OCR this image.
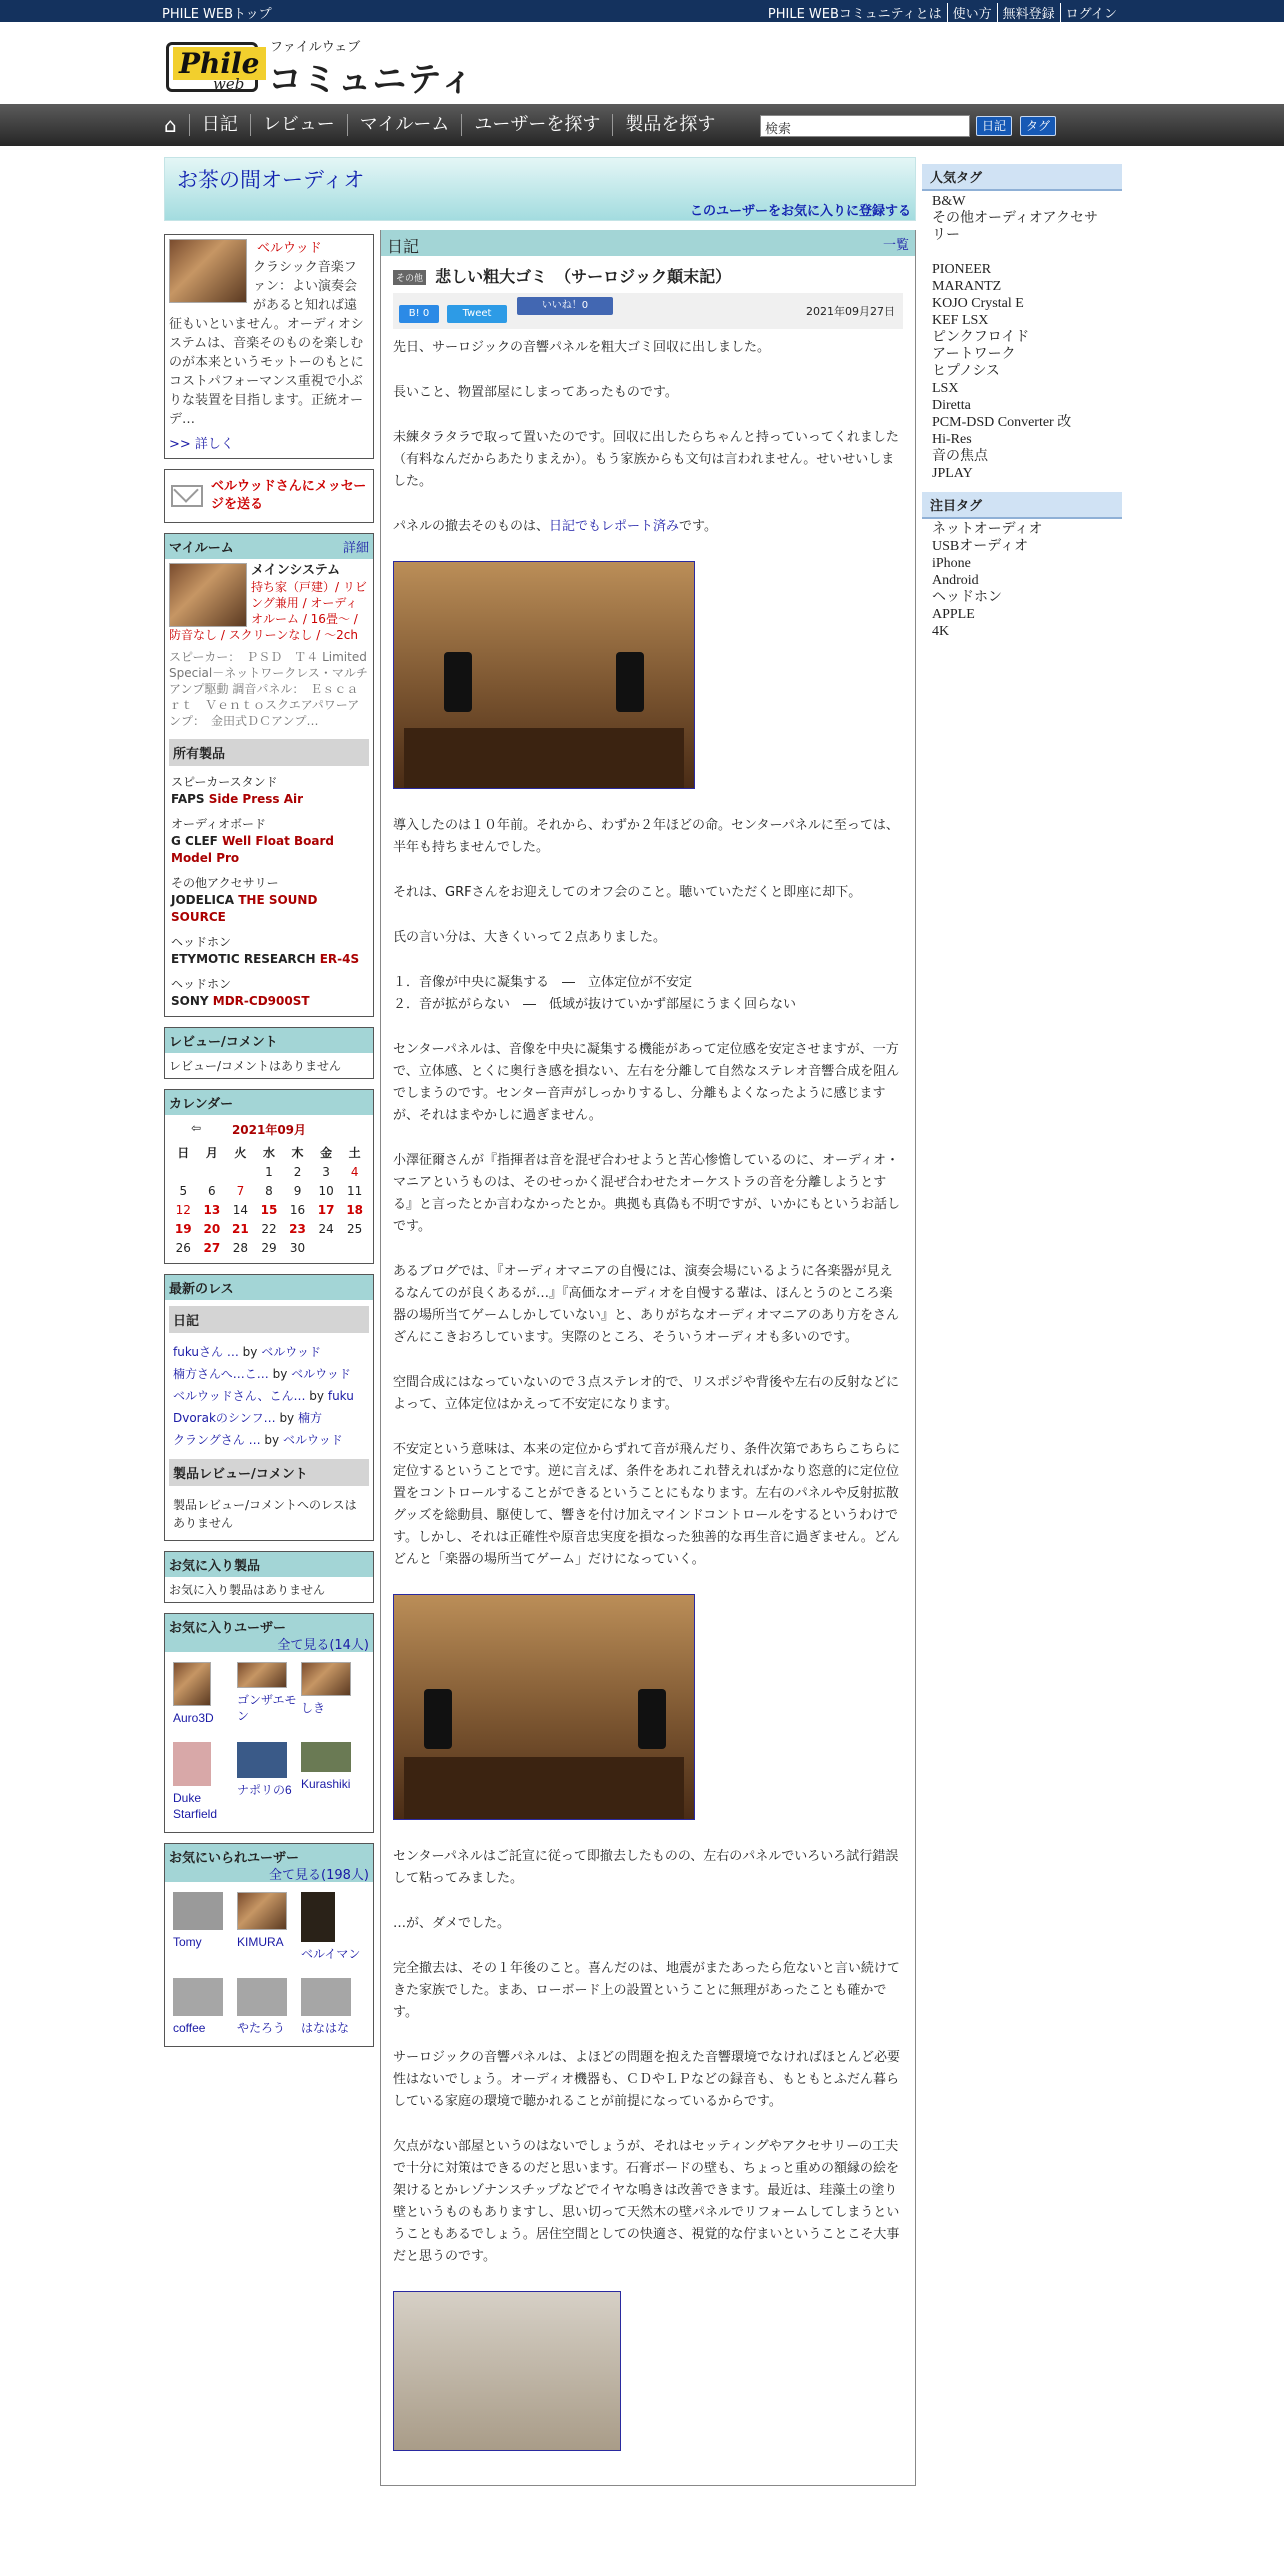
PHILE WEBトップ	PHILE WEBコミュニティとは 使い方 無料登録 ログイン
Phile
web
ファイルウェブ
コミュニティ
⌂	日記	レビュー	マイルーム	ユーザーを探す	製品を探す	検索	日記	タグ
お茶の間オーディオ
このユーザーをお気に入りに登録する
ベルウッド
クラシック音楽ファン：よい演奏会があると知れば遠征もいといません。オーディオシステムは、音楽そのものを楽しむのが本来というモットーのもとにコストパフォーマンス重視で小ぶりな装置を目指します。正統オーデ…
>> 詳しく
ベルウッドさんにメッセージを送る
マイルーム	詳細
メインシステム
持ち家（戸建）/ リビング兼用 / オーディオルーム / 16畳～ / 防音なし / スクリーンなし / ～2ch
スピーカー：　ＰＳＤ　Ｔ４ Limited Special－ネットワークレス・マルチアンプ駆動 調音パネル：　Ｅｓｃａｒｔ　Ｖｅｎｔｏスクエアパワーアンプ：　金田式ＤＣアンプ…
所有製品
スピーカースタンド
FAPS Side Press Air
オーディオボード
G CLEF Well Float Board Model Pro
その他アクセサリー
JODELICA THE SOUND SOURCE
ヘッドホン
ETYMOTIC RESEARCH ER-4S
ヘッドホン
SONY MDR-CD900ST
レビュー/コメント
レビュー/コメントはありません
カレンダー
⇦	2021年09月
日	月	火	水	木	金	土
			1	2	3	4
5	6	7	8	9	10	11
12	13	14	15	16	17	18
19	20	21	22	23	24	25
26	27	28	29	30		
最新のレス
日記
fukuさん … by ベルウッド
楠方さんへ…こ… by ベルウッド
ベルウッドさん、こん… by fuku
Dvorakのシンフ… by 楠方
クラングさん … by ベルウッド
製品レビュー/コメント
製品レビュー/コメントへのレスはありません
お気に入り製品
お気に入り製品はありません
お気に入りユーザー
全て見る(14人)
Auro3D
ゴンザエモン
しき
Duke Starfield
ナポリの6 Kurashiki
お気にいられユーザー
全て見る(198人)
Tomy	KIMURA
ベルイマン
coffee	やたろう	はなはな
日記	一覧
その他 悲しい粗大ゴミ　（サーロジック顛末記）
B! 0	Tweet
いいね！0	2021年09月27日

先日、サーロジックの音響パネルを粗大ゴミ回収に出しました。

長いこと、物置部屋にしまってあったものです。

未練タラタラで取って置いたのです。回収に出したらちゃんと持っていってくれました（有料なんだからあたりまえか）。もう家族からも文句は言われません。せいせいしました。

パネルの撤去そのものは、日記でもレポート済みです。

導入したのは１０年前。それから、わずか２年ほどの命。センターパネルに至っては、半年も持ちませんでした。

それは、GRFさんをお迎えしてのオフ会のこと。聴いていただくと即座に却下。

氏の言い分は、大きくいって２点ありました。

１．音像が中央に凝集する　―　立体定位が不安定
２．音が拡がらない　―　低域が抜けていかず部屋にうまく回らない

センターパネルは、音像を中央に凝集する機能があって定位感を安定させますが、一方で、立体感、とくに奥行き感を損ない、左右を分離して自然なステレオ音響合成を阻んでしまうのです。センター音声がしっかりするし、分離もよくなったように感じますが、それはまやかしに過ぎません。

小澤征爾さんが『指揮者は音を混ぜ合わせようと苦心惨憺しているのに、オーディオ・マニアというものは、そのせっかく混ぜ合わせたオーケストラの音を分離しようとする』と言ったとか言わなかったとか。典拠も真偽も不明ですが、いかにもというお話しです。

あるブログでは、『オーディオマニアの自慢には、演奏会場にいるように各楽器が見えるなんてのが良くあるが…』『高価なオーディオを自慢する輩は、ほんとうのところ楽器の場所当てゲームしかしていない』と、ありがちなオーディオマニアのあり方をさんざんにこきおろしています。実際のところ、そういうオーディオも多いのです。

空間合成にはなっていないので３点ステレオ的で、リスポジや背後や左右の反射などによって、立体定位はかえって不安定になります。

不安定という意味は、本来の定位からずれて音が飛んだり、条件次第であちらこちらに定位するということです。逆に言えば、条件をあれこれ替えればかなり恣意的に定位位置をコントロールすることができるということにもなります。左右のパネルや反射拡散グッズを総動員、駆使して、響きを付け加えマインドコントロールをするというわけです。しかし、それは正確性や原音忠実度を損なった独善的な再生音に過ぎません。どんどんと「楽器の場所当てゲーム」だけになっていく。

センターパネルはご託宣に従って即撤去したものの、左右のパネルでいろいろ試行錯誤して粘ってみました。

…が、ダメでした。

完全撤去は、その１年後のこと。喜んだのは、地震がまたあったら危ないと言い続けてきた家族でした。まあ、ローボード上の設置ということに無理があったことも確かです。

サーロジックの音響パネルは、よほどの問題を抱えた音響環境でなければほとんど必要性はないでしょう。オーディオ機器も、ＣＤやＬＰなどの録音も、もともとふだん暮らしている家庭の環境で聴かれることが前提になっているからです。

欠点がない部屋というのはないでしょうが、それはセッティングやアクセサリーの工夫で十分に対策はできるのだと思います。石膏ボードの壁も、ちょっと重めの額縁の絵を架けるとかレゾナンスチップなどでイヤな鳴きは改善できます。最近は、珪藻土の塗り壁というものもありますし、思い切って天然木の壁パネルでリフォームしてしまうということもあるでしょう。居住空間としての快適さ、視覚的な佇まいということこそ大事だと思うのです。

人気タグ
B&W
その他オーディオアクセサリー
PIONEER
MARANTZ
KOJO Crystal E
KEF LSX
ピンクフロイド
アートワーク
ヒプノシス
LSX
Diretta
PCM-DSD Converter 改
Hi-Res
音の焦点
JPLAY
注目タグ
ネットオーディオ
USBオーディオ
iPhone
Android
ヘッドホン
APPLE
4K
